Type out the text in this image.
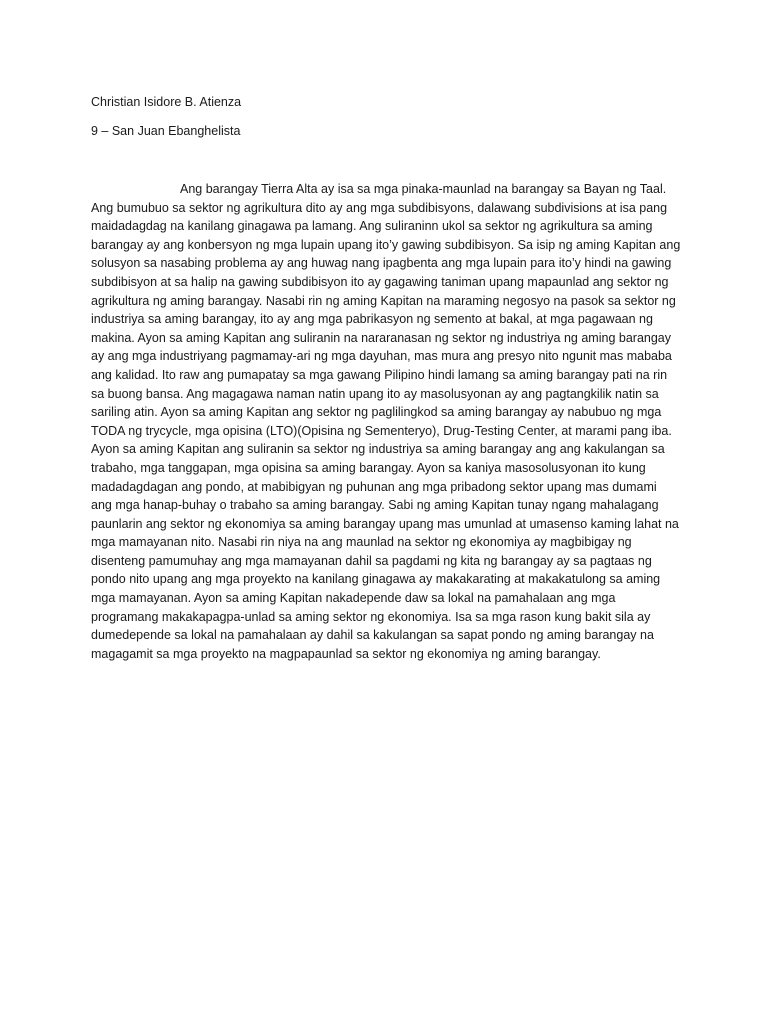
Christian Isidore B. Atienza
9 – San Juan Ebanghelista
Ang barangay Tierra Alta ay isa sa mga pinaka-maunlad na barangay sa Bayan ng Taal.
Ang bumubuo sa sektor ng agrikultura dito ay ang mga subdibisyons, dalawang subdivisions at isa pang
maidadagdag na kanilang ginagawa pa lamang. Ang suliraninn ukol sa sektor ng agrikultura sa aming
barangay ay ang konbersyon ng mga lupain upang ito’y gawing subdibisyon. Sa isip ng aming Kapitan ang
solusyon sa nasabing problema ay ang huwag nang ipagbenta ang mga lupain para ito’y hindi na gawing
subdibisyon at sa halip na gawing subdibisyon ito ay gagawing taniman upang mapaunlad ang sektor ng
agrikultura ng aming barangay. Nasabi rin ng aming Kapitan na maraming negosyo na pasok sa sektor ng
industriya sa aming barangay, ito ay ang mga pabrikasyon ng semento at bakal, at mga pagawaan ng
makina. Ayon sa aming Kapitan ang suliranin na nararanasan ng sektor ng industriya ng aming barangay
ay ang mga industriyang pagmamay-ari ng mga dayuhan, mas mura ang presyo nito ngunit mas mababa
ang kalidad. Ito raw ang pumapatay sa mga gawang Pilipino hindi lamang sa aming barangay pati na rin
sa buong bansa. Ang magagawa naman natin upang ito ay masolusyonan ay ang pagtangkilik natin sa
sariling atin. Ayon sa aming Kapitan ang sektor ng paglilingkod sa aming barangay ay nabubuo ng mga
TODA ng trycycle, mga opisina (LTO)(Opisina ng Sementeryo), Drug-Testing Center, at marami pang iba.
Ayon sa aming Kapitan ang suliranin sa sektor ng industriya sa aming barangay ang ang kakulangan sa
trabaho, mga tanggapan, mga opisina sa aming barangay. Ayon sa kaniya masosolusyonan ito kung
madadagdagan ang pondo, at mabibigyan ng puhunan ang mga pribadong sektor upang mas dumami
ang mga hanap-buhay o trabaho sa aming barangay. Sabi ng aming Kapitan tunay ngang mahalagang
paunlarin ang sektor ng ekonomiya sa aming barangay upang mas umunlad at umasenso kaming lahat na
mga mamayanan nito. Nasabi rin niya na ang maunlad na sektor ng ekonomiya ay magbibigay ng
disenteng pamumuhay ang mga mamayanan dahil sa pagdami ng kita ng barangay ay sa pagtaas ng
pondo nito upang ang mga proyekto na kanilang ginagawa ay makakarating at makakatulong sa aming
mga mamayanan. Ayon sa aming Kapitan nakadepende daw sa lokal na pamahalaan ang mga
programang makakapagpa-unlad sa aming sektor ng ekonomiya. Isa sa mga rason kung bakit sila ay
dumedepende sa lokal na pamahalaan ay dahil sa kakulangan sa sapat pondo ng aming barangay na
magagamit sa mga proyekto na magpapaunlad sa sektor ng ekonomiya ng aming barangay.
